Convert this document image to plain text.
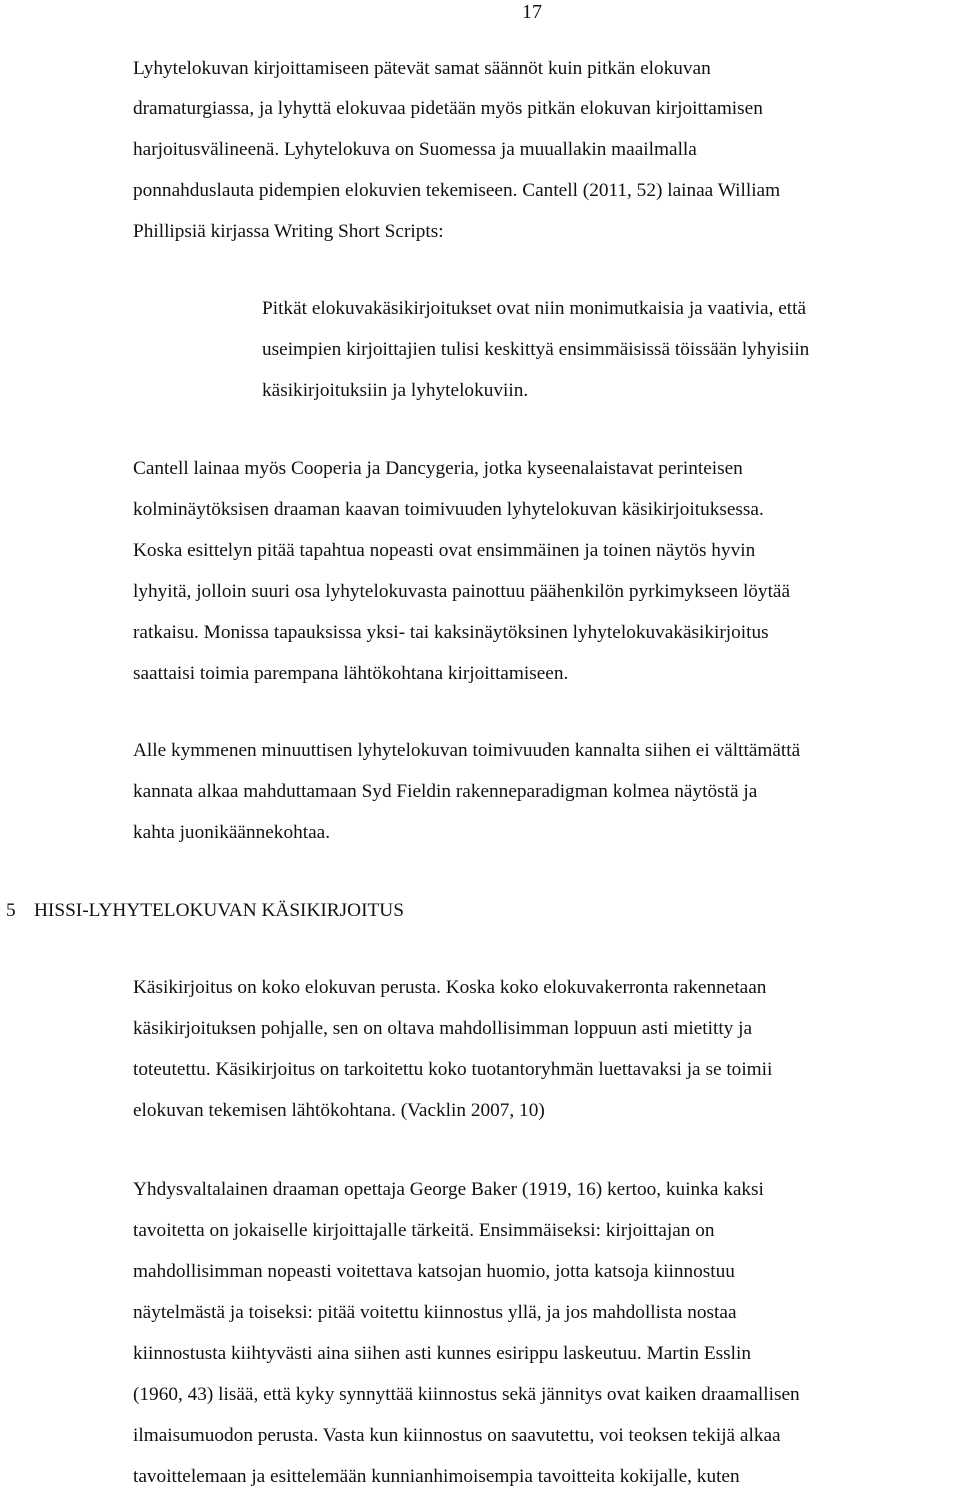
17
Lyhytelokuvan kirjoittamiseen pätevät samat säännöt kuin pitkän elokuvan
dramaturgiassa, ja lyhyttä elokuvaa pidetään myös pitkän elokuvan kirjoittamisen
harjoitusvälineenä. Lyhytelokuva on Suomessa ja muuallakin maailmalla
ponnahduslauta pidempien elokuvien tekemiseen. Cantell (2011, 52) lainaa William
Phillipsiä kirjassa Writing Short Scripts:
Pitkät elokuvakäsikirjoitukset ovat niin monimutkaisia ja vaativia, että
useimpien kirjoittajien tulisi keskittyä ensimmäisissä töissään lyhyisiin
käsikirjoituksiin ja lyhytelokuviin.
Cantell lainaa myös Cooperia ja Dancygeria, jotka kyseenalaistavat perinteisen
kolminäytöksisen draaman kaavan toimivuuden lyhytelokuvan käsikirjoituksessa.
Koska esittelyn pitää tapahtua nopeasti ovat ensimmäinen ja toinen näytös hyvin
lyhyitä, jolloin suuri osa lyhytelokuvasta painottuu päähenkilön pyrkimykseen löytää
ratkaisu. Monissa tapauksissa yksi- tai kaksinäytöksinen lyhytelokuvakäsikirjoitus
saattaisi toimia parempana lähtökohtana kirjoittamiseen.
Alle kymmenen minuuttisen lyhytelokuvan toimivuuden kannalta siihen ei välttämättä
kannata alkaa mahduttamaan Syd Fieldin rakenneparadigman kolmea näytöstä ja
kahta juonikäännekohtaa.
5 HISSI-LYHYTELOKUVAN KÄSIKIRJOITUS
Käsikirjoitus on koko elokuvan perusta. Koska koko elokuvakerronta rakennetaan
käsikirjoituksen pohjalle, sen on oltava mahdollisimman loppuun asti mietitty ja
toteutettu. Käsikirjoitus on tarkoitettu koko tuotantoryhmän luettavaksi ja se toimii
elokuvan tekemisen lähtökohtana. (Vacklin 2007, 10)
Yhdysvaltalainen draaman opettaja George Baker (1919, 16) kertoo, kuinka kaksi
tavoitetta on jokaiselle kirjoittajalle tärkeitä. Ensimmäiseksi: kirjoittajan on
mahdollisimman nopeasti voitettava katsojan huomio, jotta katsoja kiinnostuu
näytelmästä ja toiseksi: pitää voitettu kiinnostus yllä, ja jos mahdollista nostaa
kiinnostusta kiihtyvästi aina siihen asti kunnes esirippu laskeutuu. Martin Esslin
(1960, 43) lisää, että kyky synnyttää kiinnostus sekä jännitys ovat kaiken draamallisen
ilmaisumuodon perusta. Vasta kun kiinnostus on saavutettu, voi teoksen tekijä alkaa
tavoittelemaan ja esittelemään kunnianhimoisempia tavoitteita kokijalle, kuten
